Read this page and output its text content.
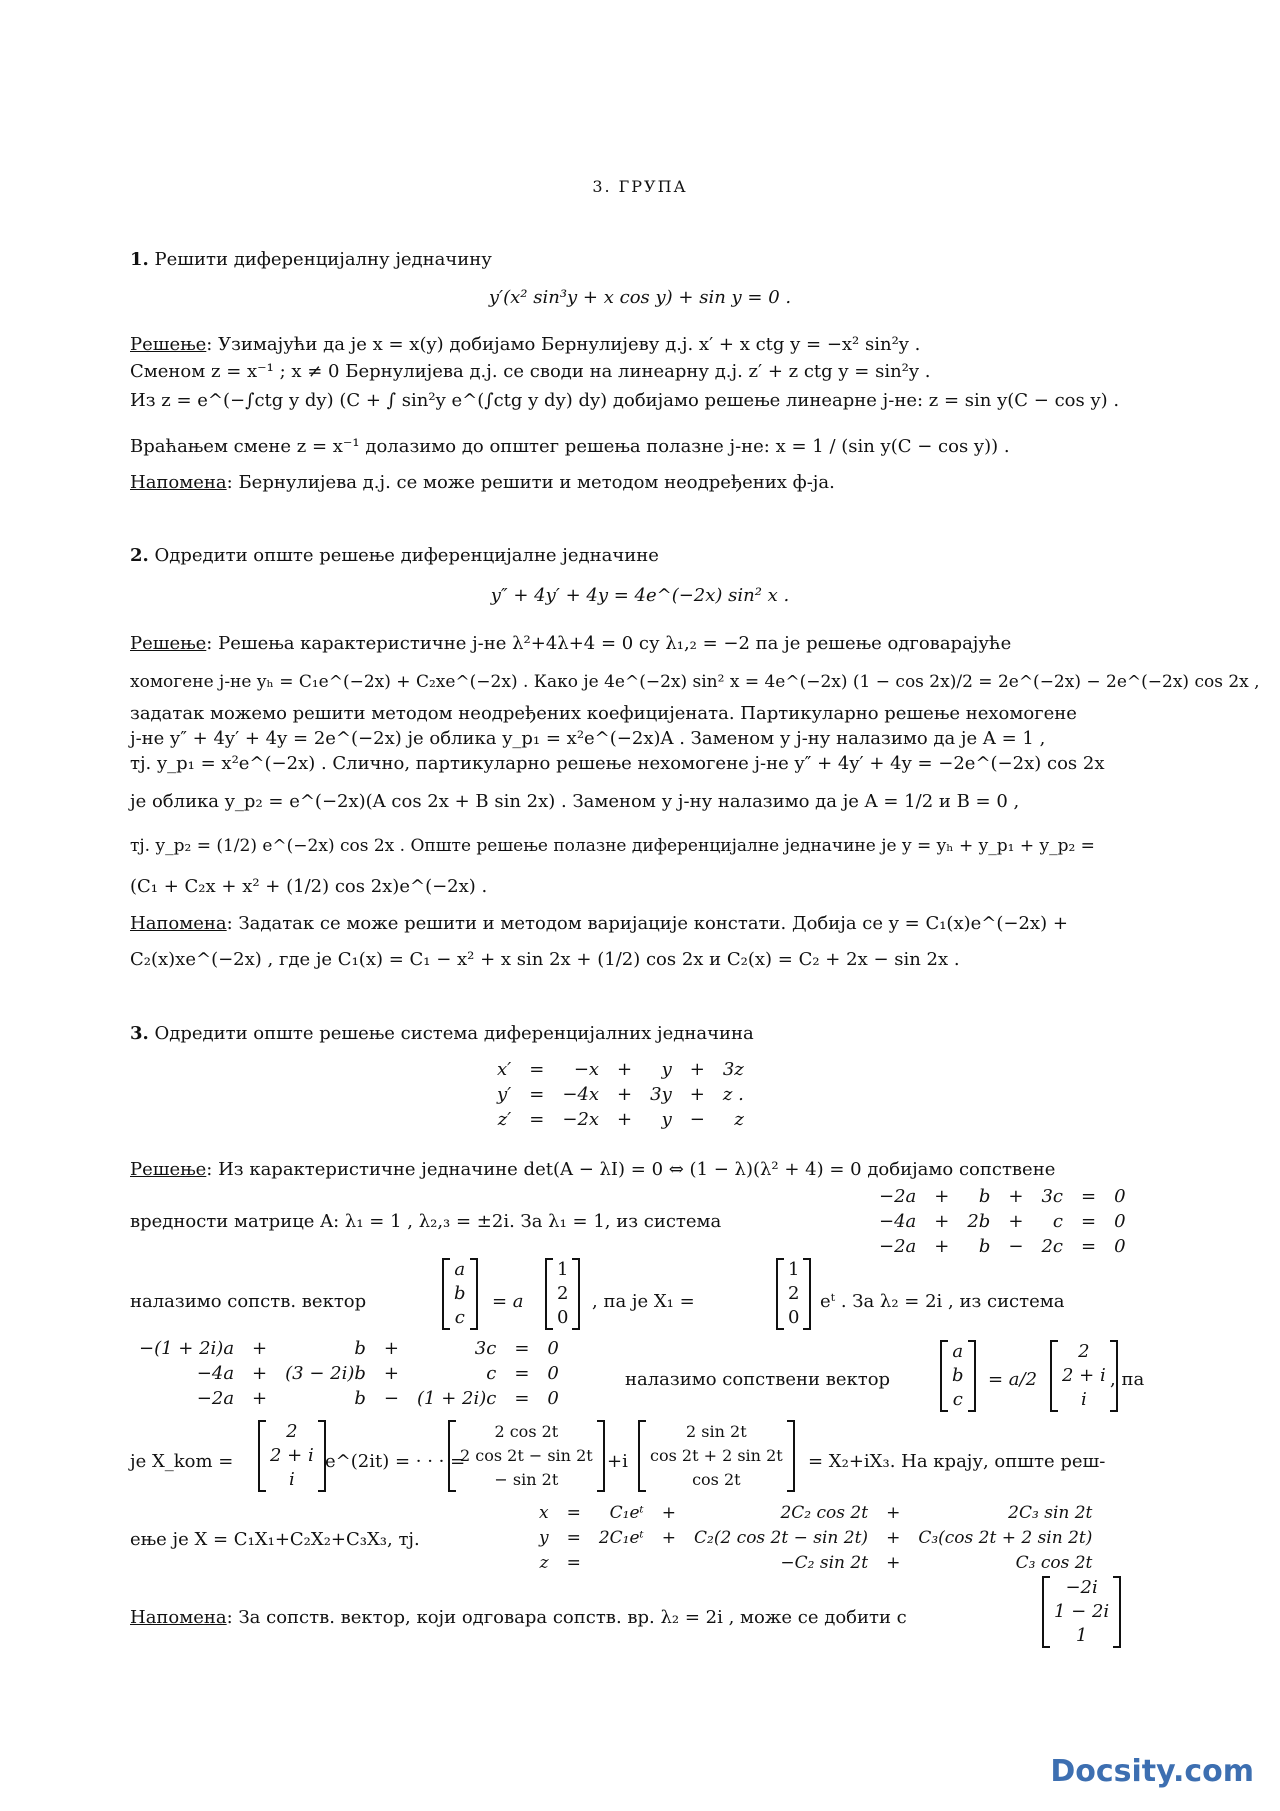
3. ГРУПА
1. Решити диференцијалну једначину
y′(x² sin³y + x cos y) + sin y = 0 .
Решење: Узимајући да је x = x(y) добијамо Бернулијеву д.ј. x′ + x ctg y = −x² sin²y .
Сменом z = x⁻¹ ; x ≠ 0 Бернулијева д.ј. се своди на линеарну д.ј. z′ + z ctg y = sin²y .
Из z = e^(−∫ctg y dy) (C + ∫ sin²y e^(∫ctg y dy) dy) добијамо решење линеарне j-не: z = sin y(C − cos y) .
Враћањем смене z = x⁻¹ долазимо до општег решења полазне j-не: x = 1 / (sin y(C − cos y)) .
Напомена: Бернулијева д.ј. се може решити и методом неодређених ф-ја.
2. Одредити опште решење диференцијалне једначине
y″ + 4y′ + 4y = 4e^(−2x) sin² x .
Решење: Решења карактеристичне j-не λ²+4λ+4 = 0 су λ₁,₂ = −2 па је решење одговарајуће
хомогене j-не yₕ = C₁e^(−2x) + C₂xe^(−2x) . Како је 4e^(−2x) sin² x = 4e^(−2x) (1 − cos 2x)/2 = 2e^(−2x) − 2e^(−2x) cos 2x ,
задатак можемо решити методом неодређених коефицијената. Партикуларно решење нехомогене
j-не y″ + 4y′ + 4y = 2e^(−2x) је облика y_p₁ = x²e^(−2x)A . Заменом у j-ну налазимо да је A = 1 ,
тј. y_p₁ = x²e^(−2x) . Слично, партикуларно решење нехомогене j-не y″ + 4y′ + 4y = −2e^(−2x) cos 2x
је облика y_p₂ = e^(−2x)(A cos 2x + B sin 2x) . Заменом у j-ну налазимо да је A = 1/2 и B = 0 ,
тј. y_p₂ = (1/2) e^(−2x) cos 2x . Опште решење полазне диференцијалне једначине је y = yₕ + y_p₁ + y_p₂ =
(C₁ + C₂x + x² + (1/2) cos 2x)e^(−2x) .
Напомена: Задатак се може решити и методом варијације констати. Добија се y = C₁(x)e^(−2x) +
C₂(x)xe^(−2x) , где је C₁(x) = C₁ − x² + x sin 2x + (1/2) cos 2x и C₂(x) = C₂ + 2x − sin 2x .
3. Одредити опште решење система диференцијалних једначина
x′	=	−x	+	y	+	3z
y′	=	−4x	+	3y	+	z .
z′	=	−2x	+	y	−	z
Решење: Из карактеристичне једначине det(A − λI) = 0 ⇔ (1 − λ)(λ² + 4) = 0 добијамо сопствене
вредности матрице A: λ₁ = 1 , λ₂,₃ = ±2i. За λ₁ = 1, из система
−2a	+	b	+	3c	=	0
−4a	+	2b	+	c	=	0
−2a	+	b	−	2c	=	0
налазимо сопств. вектор
a
b
c
= a
1
2
0
, па је X₁ =
1
2
0
eᵗ . За λ₂ = 2i , из система
−(1 + 2i)a	+	b	+	3c	=	0
−4a	+	(3 − 2i)b	+	c	=	0
−2a	+	b	−	(1 + 2i)c	=	0
налазимо сопствени вектор
a
b
c
= a/2
2
2 + i
i
, па
је X_kom =
2
2 + i
i
e^(2it) = · · · =
2 cos 2t
2 cos 2t − sin 2t
− sin 2t
+i
2 sin 2t
cos 2t + 2 sin 2t
cos 2t
= X₂+iX₃. На крају, опште реш-
ење је X = C₁X₁+C₂X₂+C₃X₃, тј.
x	=	C₁eᵗ	+	2C₂ cos 2t	+	2C₃ sin 2t
y	=	2C₁eᵗ	+	C₂(2 cos 2t − sin 2t)	+	C₃(cos 2t + 2 sin 2t)
z	=			−C₂ sin 2t	+	C₃ cos 2t
Напомена: За сопств. вектор, који одговара сопств. вр. λ₂ = 2i , може се добити c
−2i
1 − 2i
1
Docsity.com
